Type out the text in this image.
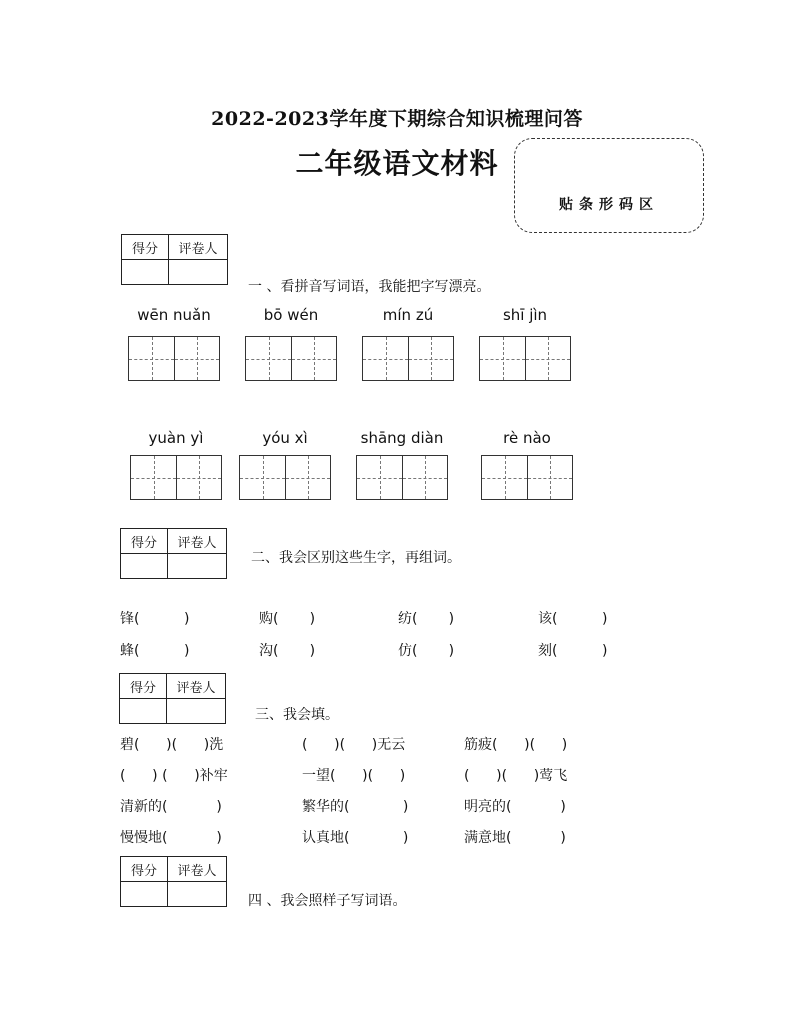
2022-2023学年度下期综合知识梳理问答
二年级语文材料
贴条形码区
得分	评卷人

一 、看拼音写词语，我能把字写漂亮。
wēn nuǎn	bō wén	mín zú	shī jìn
yuàn yì	yóu xì	shāng diàn	rè nào
得分	评卷人

二、我会区别这些生字，再组词。
锋(          )	购(       )	纺(       )	该(          )
蜂(          )	沟(       )	仿(       )	刻(          )
得分	评卷人

三、我会填。
碧(      )(      )洗	(      )(      )无云	筋疲(      )(      )
(      ) (      )补牢	一望(      )(      )	(      )(      )莺飞
清新的(           )	繁华的(            )	明亮的(           )
慢慢地(           )	认真地(            )	满意地(           )
得分	评卷人

四 、我会照样子写词语。
